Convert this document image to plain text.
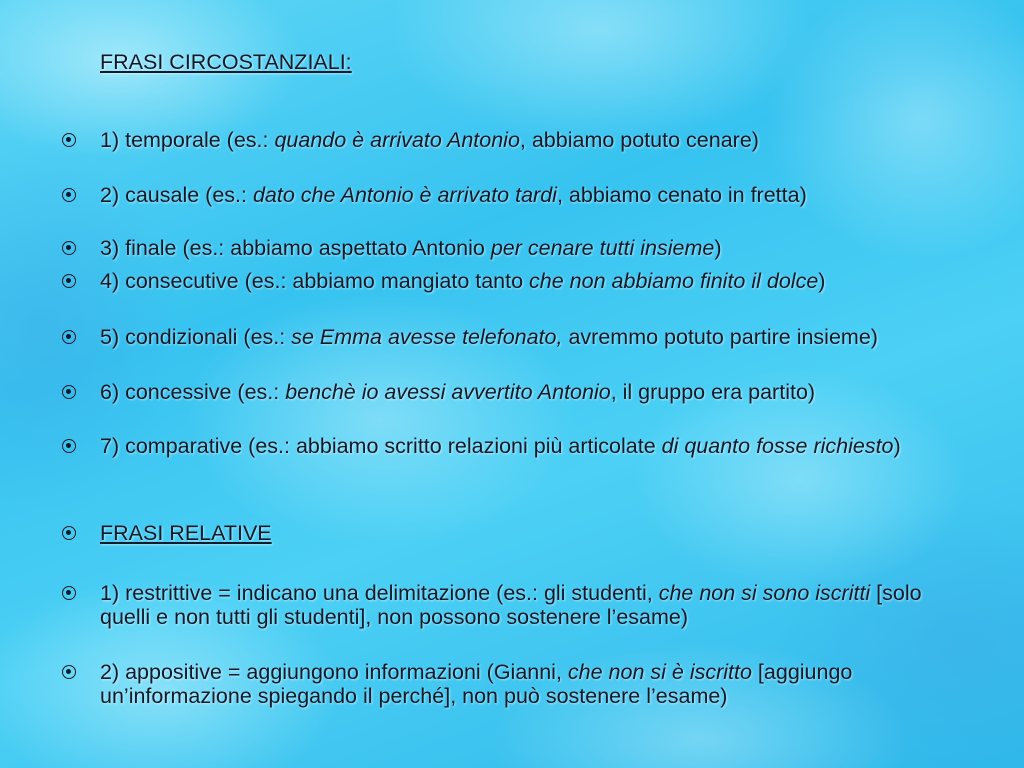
FRASI CIRCOSTANZIALI:
1) temporale (es.: quando è arrivato Antonio, abbiamo potuto cenare)
2) causale (es.: dato che Antonio è arrivato tardi, abbiamo cenato in fretta)
3) finale (es.: abbiamo aspettato Antonio per cenare tutti insieme)
4) consecutive (es.: abbiamo mangiato tanto che non abbiamo finito il dolce)
5) condizionali (es.: se Emma avesse telefonato, avremmo potuto partire insieme)
6) concessive (es.: benchè io avessi avvertito Antonio, il gruppo era partito)
7) comparative (es.: abbiamo scritto relazioni più articolate di quanto fosse richiesto)
FRASI RELATIVE
1) restrittive = indicano una delimitazione (es.: gli studenti, che non si sono iscritti [solo quelli e non tutti gli studenti], non possono sostenere l’esame)
2) appositive = aggiungono informazioni (Gianni, che non si è iscritto [aggiungo un’informazione spiegando il perché], non può sostenere l’esame)
